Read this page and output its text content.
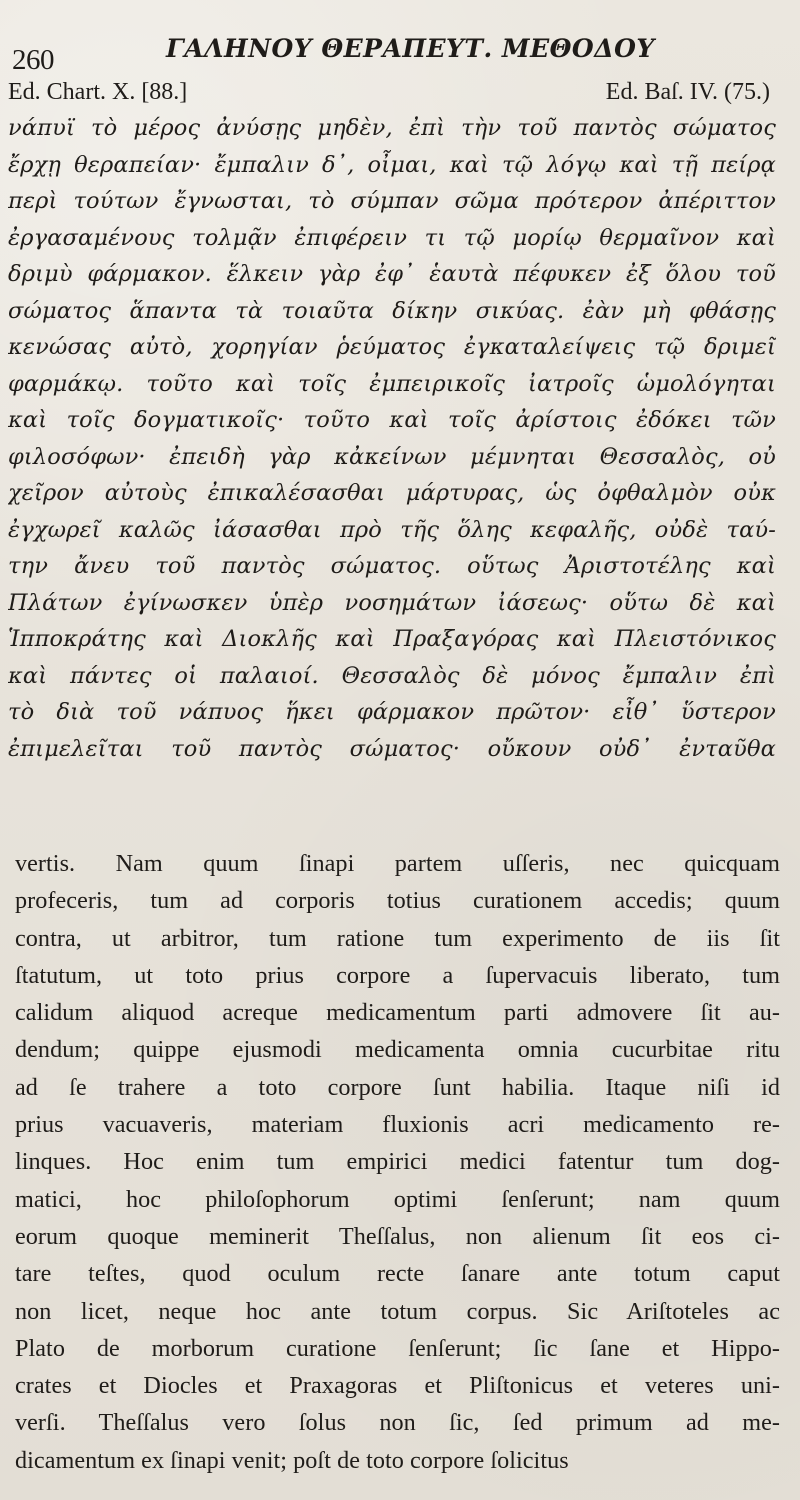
260	ΓΑΛΗΝΟΥ ΘΕΡΑΠΕΥΤ. ΜΕΘΟΔΟΥ
Ed. Chart. X. [88.]	Ed. Baſ. IV. (75.)
νάπυϊ τὸ μέρος ἀνύσῃς μηδὲν, ἐπὶ τὴν τοῦ παντὸς σώματος
ἔρχῃ θεραπείαν· ἔμπαλιν δ᾽, οἶμαι, καὶ τῷ λόγῳ καὶ τῇ πείρᾳ
περὶ τούτων ἔγνωσται, τὸ σύμπαν σῶμα πρότερον ἀπέριττον
ἐργασαμένους τολμᾷν ἐπιφέρειν τι τῷ μορίῳ θερμαῖνον καὶ
δριμὺ φάρμακον. ἕλκειν γὰρ ἐφ᾽ ἑαυτὰ πέφυκεν ἐξ ὅλου τοῦ
σώματος ἅπαντα τὰ τοιαῦτα δίκην σικύας. ἐὰν μὴ φθάσῃς
κενώσας αὐτὸ, χορηγίαν ῥεύματος ἐγκαταλείψεις τῷ δριμεῖ
φαρμάκῳ. τοῦτο καὶ τοῖς ἐμπειρικοῖς ἰατροῖς ὡμολόγηται
καὶ τοῖς δογματικοῖς· τοῦτο καὶ τοῖς ἀρίστοις ἐδόκει τῶν
φιλοσόφων· ἐπειδὴ γὰρ κἀκείνων μέμνηται Θεσσαλὸς, οὐ
χεῖρον αὐτοὺς ἐπικαλέσασθαι μάρτυρας, ὡς ὀφθαλμὸν οὐκ
ἐγχωρεῖ καλῶς ἰάσασθαι πρὸ τῆς ὅλης κεφαλῆς, οὐδὲ ταύ-
την ἄνευ τοῦ παντὸς σώματος. οὕτως Ἀριστοτέλης καὶ
Πλάτων ἐγίνωσκεν ὑπὲρ νοσημάτων ἰάσεως· οὕτω δὲ καὶ
Ἱπποκράτης καὶ Διοκλῆς καὶ Πραξαγόρας καὶ Πλειστόνικος
καὶ πάντες οἱ παλαιοί. Θεσσαλὸς δὲ μόνος ἔμπαλιν ἐπὶ
τὸ διὰ τοῦ νάπυος ἥκει φάρμακον πρῶτον· εἶθ᾽ ὕστερον
ἐπιμελεῖται τοῦ παντὸς σώματος· οὔκουν οὐδ᾽ ἐνταῦθα
vertis. Nam quum ſinapi partem uſſeris, nec quicquam
profeceris, tum ad corporis totius curationem accedis; quum
contra, ut arbitror, tum ratione tum experimento de iis ſit
ſtatutum, ut toto prius corpore a ſupervacuis liberato, tum
calidum aliquod acreque medicamentum parti admovere ſit au-
dendum; quippe ejusmodi medicamenta omnia cucurbitae ritu
ad ſe trahere a toto corpore ſunt habilia. Itaque niſi id
prius vacuaveris, materiam fluxionis acri medicamento re-
linques. Hoc enim tum empirici medici fatentur tum dog-
matici, hoc philoſophorum optimi ſenſerunt; nam quum
eorum quoque meminerit Theſſalus, non alienum ſit eos ci-
tare teſtes, quod oculum recte ſanare ante totum caput
non licet, neque hoc ante totum corpus. Sic Ariſtoteles ac
Plato de morborum curatione ſenſerunt; ſic ſane et Hippo-
crates et Diocles et Praxagoras et Pliſtonicus et veteres uni-
verſi. Theſſalus vero ſolus non ſic, ſed primum ad me-
dicamentum ex ſinapi venit; poſt de toto corpore ſolicitus
